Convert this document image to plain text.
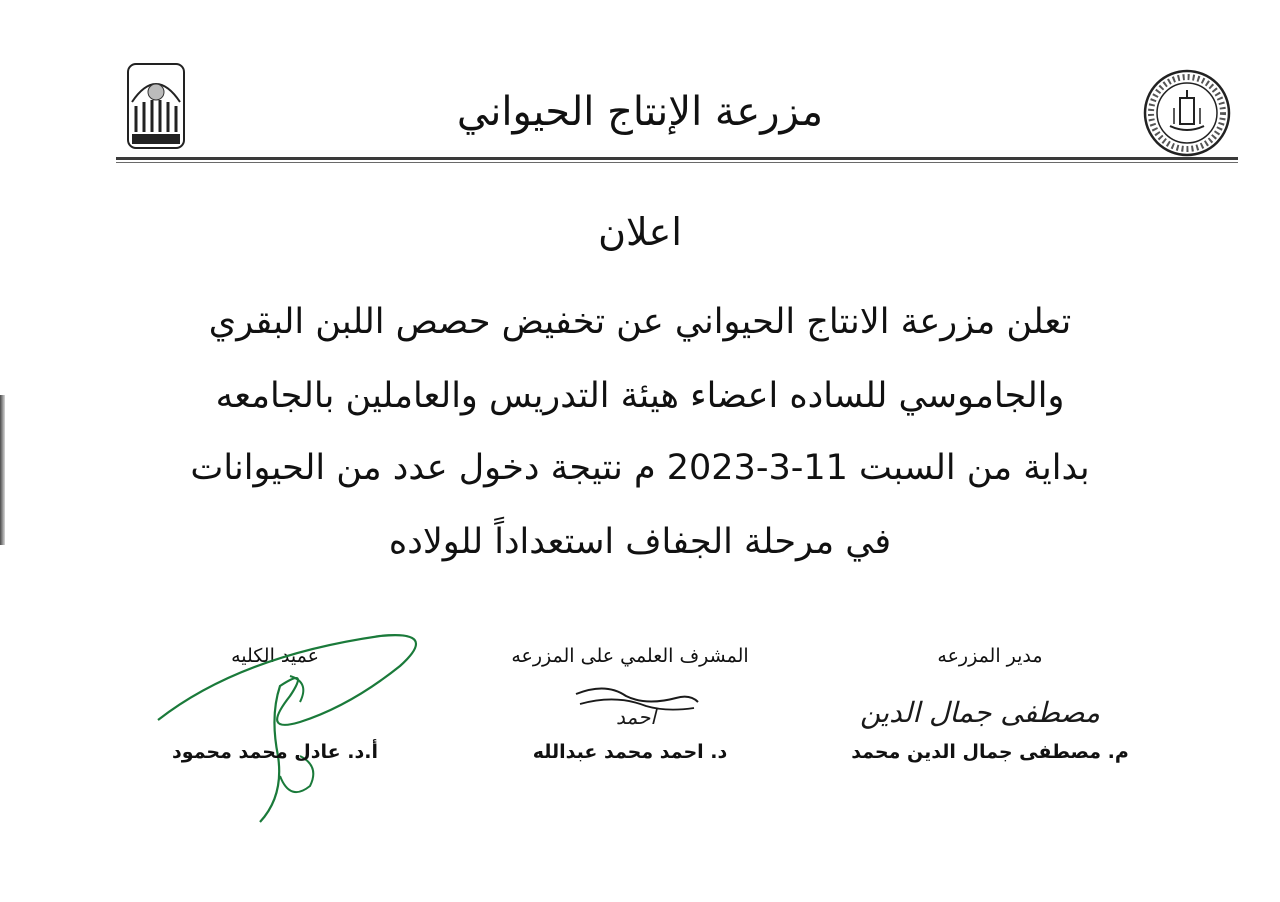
مزرعة الإنتاج الحيواني
اعلان
تعلن مزرعة الانتاج الحيواني عن تخفيض حصص اللبن البقري
والجاموسي للساده اعضاء هيئة التدريس والعاملين بالجامعه
بداية من السبت 11-3-2023 م نتيجة دخول عدد من الحيوانات
في مرحلة الجفاف استعداداً للولاده
مدير المزرعه
مصطفى جمال الدين
م. مصطفى جمال الدين محمد
المشرف العلمي على المزرعه
احمد
د. احمد محمد عبدالله
عميد الكليه
أ.د. عادل محمد محمود
